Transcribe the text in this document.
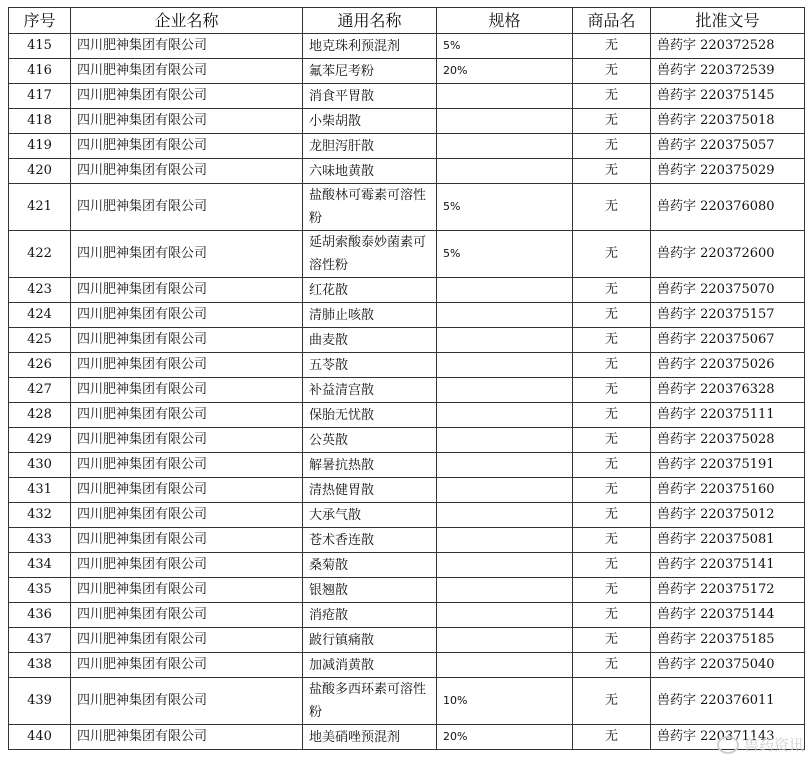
序号	企业名称	通用名称	规格	商品名	批准文号
415	四川肥神集团有限公司	地克珠利预混剂	5%	无	兽药字 220372528
416	四川肥神集团有限公司	氟苯尼考粉	20%	无	兽药字 220372539
417	四川肥神集团有限公司	消食平胃散		无	兽药字 220375145
418	四川肥神集团有限公司	小柴胡散		无	兽药字 220375018
419	四川肥神集团有限公司	龙胆泻肝散		无	兽药字 220375057
420	四川肥神集团有限公司	六味地黄散		无	兽药字 220375029
421	四川肥神集团有限公司	盐酸林可霉素可溶性粉	5%	无	兽药字 220376080
422	四川肥神集团有限公司	延胡索酸泰妙菌素可溶性粉	5%	无	兽药字 220372600
423	四川肥神集团有限公司	红花散		无	兽药字 220375070
424	四川肥神集团有限公司	清肺止咳散		无	兽药字 220375157
425	四川肥神集团有限公司	曲麦散		无	兽药字 220375067
426	四川肥神集团有限公司	五苓散		无	兽药字 220375026
427	四川肥神集团有限公司	补益清宫散		无	兽药字 220376328
428	四川肥神集团有限公司	保胎无忧散		无	兽药字 220375111
429	四川肥神集团有限公司	公英散		无	兽药字 220375028
430	四川肥神集团有限公司	解暑抗热散		无	兽药字 220375191
431	四川肥神集团有限公司	清热健胃散		无	兽药字 220375160
432	四川肥神集团有限公司	大承气散		无	兽药字 220375012
433	四川肥神集团有限公司	苍术香连散		无	兽药字 220375081
434	四川肥神集团有限公司	桑菊散		无	兽药字 220375141
435	四川肥神集团有限公司	银翘散		无	兽药字 220375172
436	四川肥神集团有限公司	消疮散		无	兽药字 220375144
437	四川肥神集团有限公司	跛行镇痛散		无	兽药字 220375185
438	四川肥神集团有限公司	加减消黄散		无	兽药字 220375040
439	四川肥神集团有限公司	盐酸多西环素可溶性粉	10%	无	兽药字 220376011
440	四川肥神集团有限公司	地美硝唑预混剂	20%	无	兽药字 220371143
兽药资讯
